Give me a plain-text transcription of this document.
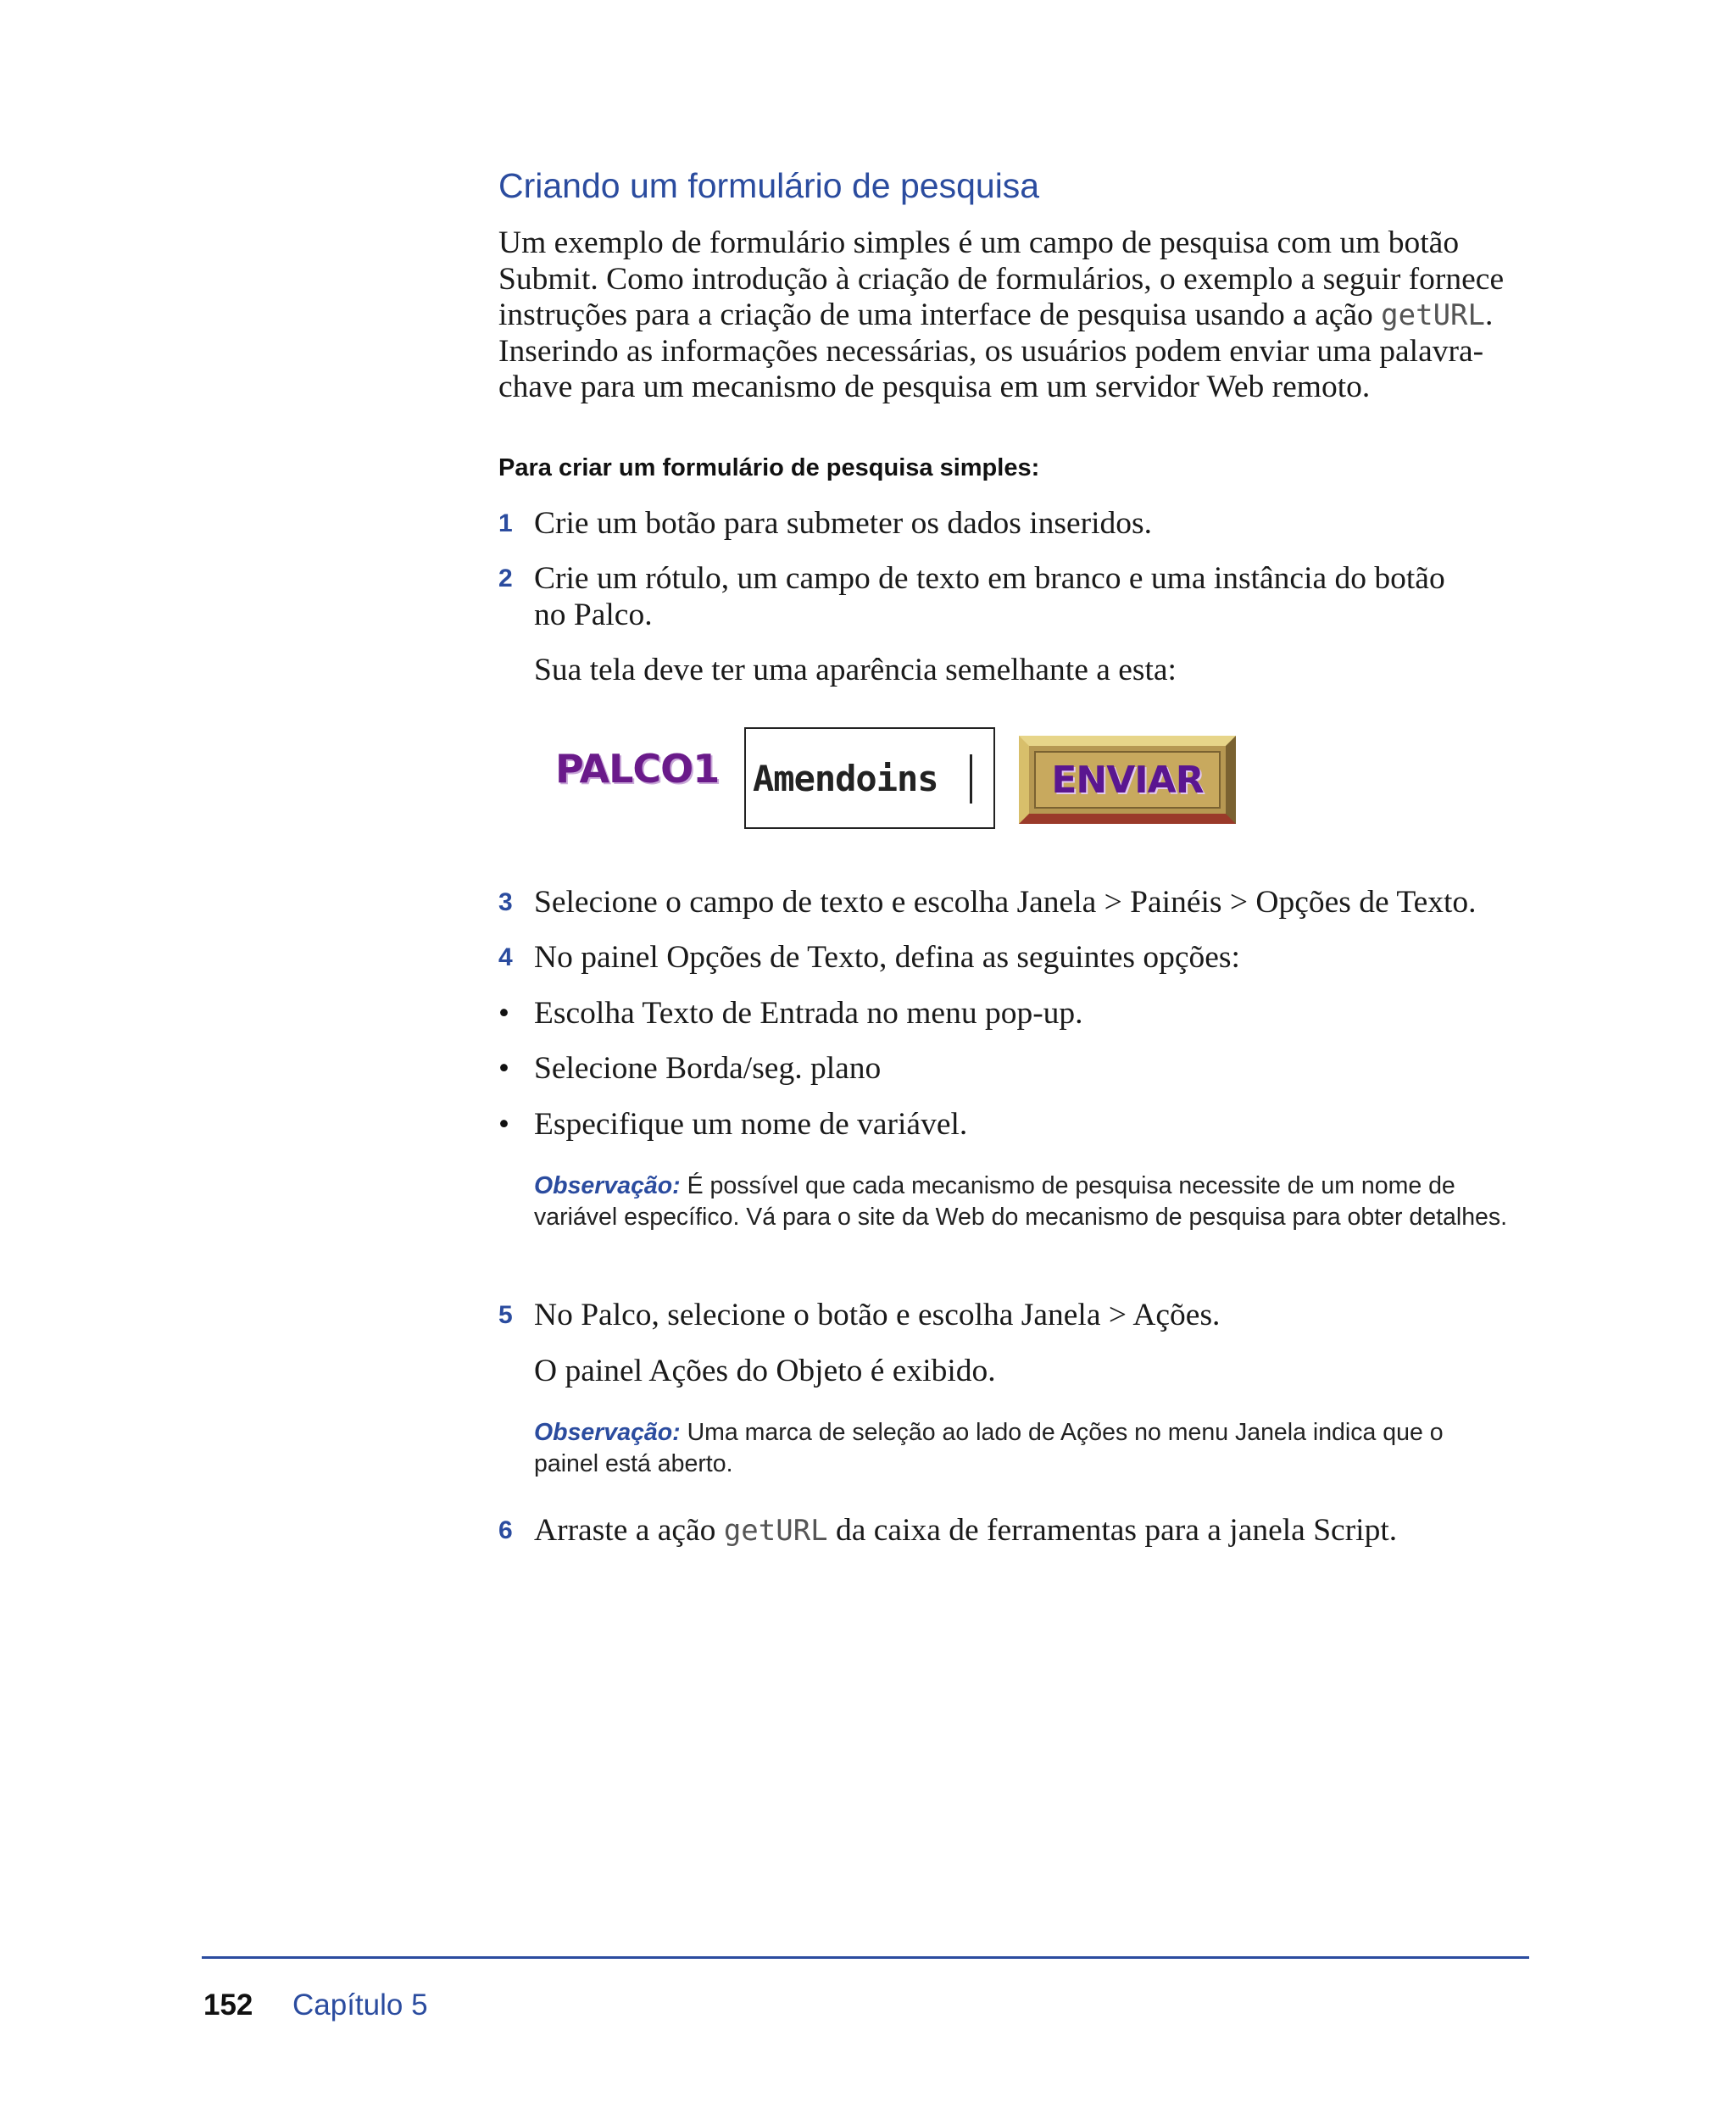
Criando um formulário de pesquisa

Um exemplo de formulário simples é um campo de pesquisa com um botão Submit. Como introdução à criação de formulários, o exemplo a seguir fornece instruções para a criação de uma interface de pesquisa usando a ação getURL. Inserindo as informações necessárias, os usuários podem enviar uma palavra-chave para um mecanismo de pesquisa em um servidor Web remoto.

Para criar um formulário de pesquisa simples:

1 Crie um botão para submeter os dados inseridos.
2 Crie um rótulo, um campo de texto em branco e uma instância do botão no Palco.

Sua tela deve ter uma aparência semelhante a esta:

PALCO1 Amendoins	ENVIAR
3 Selecione o campo de texto e escolha Janela > Painéis > Opções de Texto.
4 No painel Opções de Texto, defina as seguintes opções:
• Escolha Texto de Entrada no menu pop-up.
• Selecione Borda/seg. plano
• Especifique um nome de variável.

Observação: É possível que cada mecanismo de pesquisa necessite de um nome de variável específico. Vá para o site da Web do mecanismo de pesquisa para obter detalhes.

5 No Palco, selecione o botão e escolha Janela > Ações.

O painel Ações do Objeto é exibido.

Observação: Uma marca de seleção ao lado de Ações no menu Janela indica que o painel está aberto.

6 Arraste a ação getURL da caixa de ferramentas para a janela Script.
152 Capítulo 5
